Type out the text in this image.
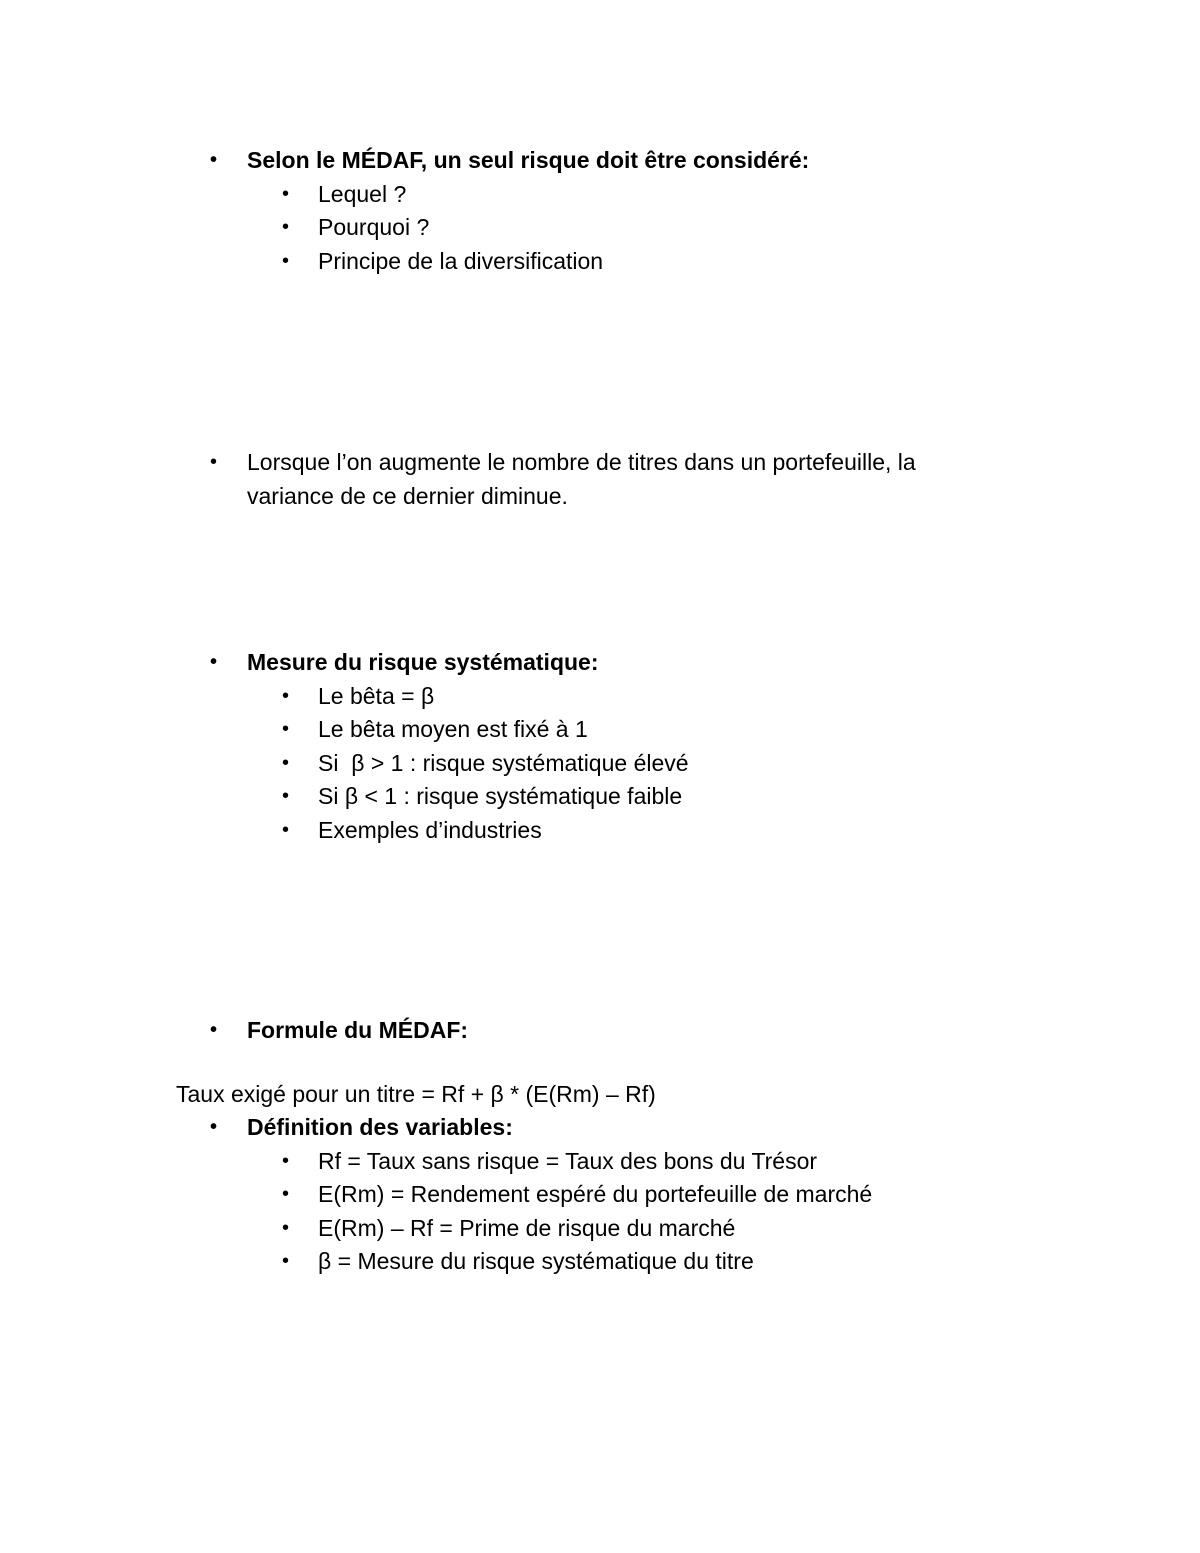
• Selon le MÉDAF, un seul risque doit être considéré:
• Lequel ?
• Pourquoi ?
• Principe de la diversification
• Lorsque l’on augmente le nombre de titres dans un portefeuille, la variance de ce dernier diminue.
• Mesure du risque systématique:
• Le bêta = β
• Le bêta moyen est fixé à 1
• Si  β > 1 : risque systématique élevé
• Si β < 1 : risque systématique faible
• Exemples d’industries
• Formule du MÉDAF:
Taux exigé pour un titre = Rf + β * (E(Rm) – Rf)
• Définition des variables:
• Rf = Taux sans risque = Taux des bons du Trésor
• E(Rm) = Rendement espéré du portefeuille de marché
• E(Rm) – Rf = Prime de risque du marché
• β = Mesure du risque systématique du titre
